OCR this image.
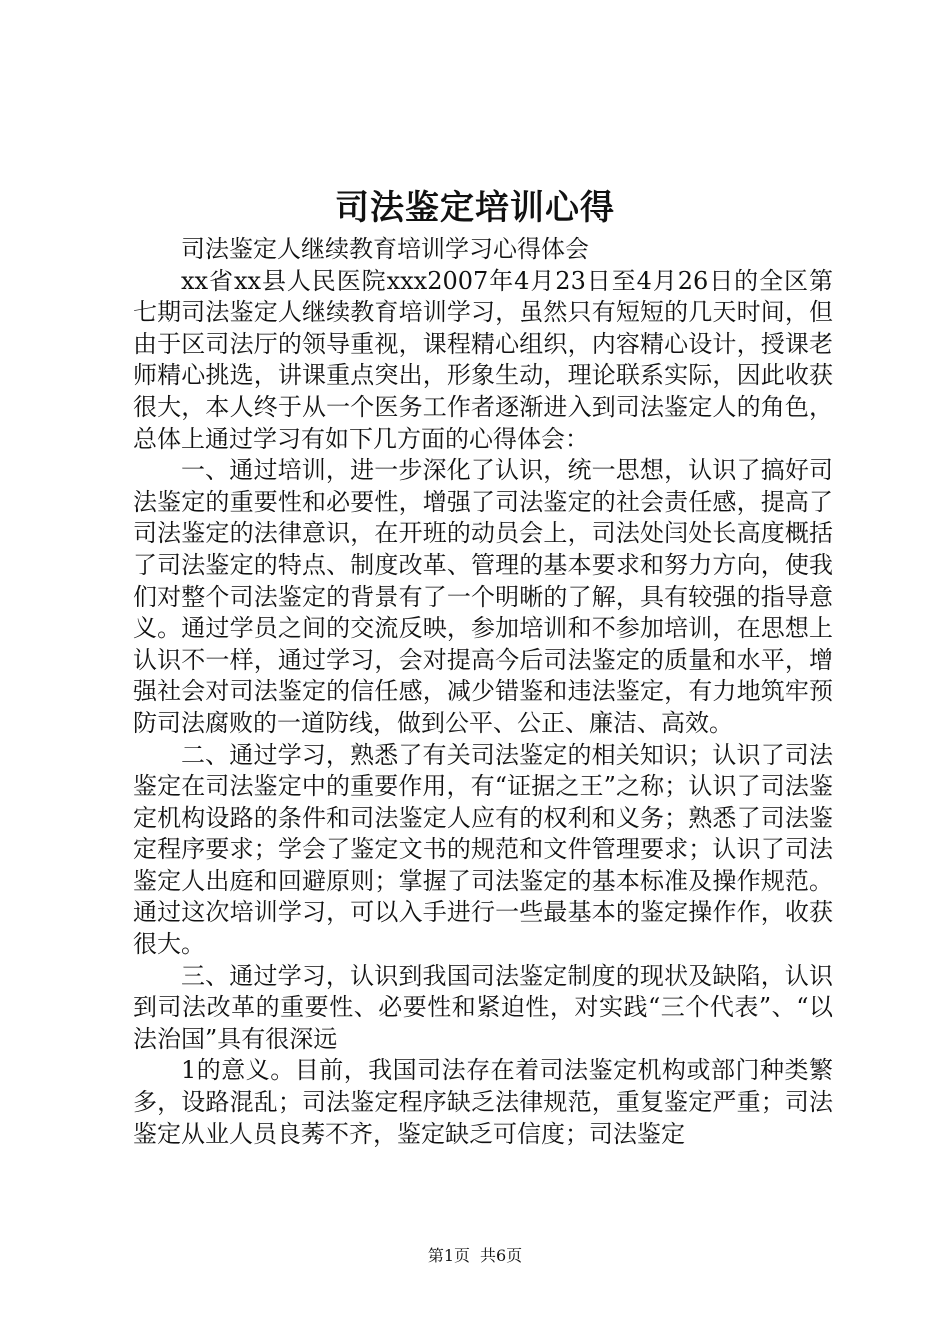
司法鉴定培训心得

司法鉴定人继续教育培训学习心得体会

xx省xx县人民医院xxx2007年4月23日至4月26日的全区第七期司法鉴定人继续教育培训学习，虽然只有短短的几天时间，但由于区司法厅的领导重视，课程精心组织，内容精心设计，授课老师精心挑选，讲课重点突出，形象生动，理论联系实际，因此收获很大，本人终于从一个医务工作者逐渐进入到司法鉴定人的角色，总体上通过学习有如下几方面的心得体会：

一、通过培训，进一步深化了认识，统一思想，认识了搞好司法鉴定的重要性和必要性，增强了司法鉴定的社会责任感，提高了司法鉴定的法律意识，在开班的动员会上，司法处闫处长高度概括了司法鉴定的特点、制度改革、管理的基本要求和努力方向，使我们对整个司法鉴定的背景有了一个明晰的了解，具有较强的指导意义。通过学员之间的交流反映，参加培训和不参加培训，在思想上认识不一样，通过学习，会对提高今后司法鉴定的质量和水平，增强社会对司法鉴定的信任感，减少错鉴和违法鉴定，有力地筑牢预防司法腐败的一道防线，做到公平、公正、廉洁、高效。

二、通过学习，熟悉了有关司法鉴定的相关知识；认识了司法鉴定在司法鉴定中的重要作用，有“证据之王”之称；认识了司法鉴定机构设路的条件和司法鉴定人应有的权利和义务；熟悉了司法鉴定程序要求；学会了鉴定文书的规范和文件管理要求；认识了司法鉴定人出庭和回避原则；掌握了司法鉴定的基本标准及操作规范。通过这次培训学习，可以入手进行一些最基本的鉴定操作作，收获很大。

三、通过学习，认识到我国司法鉴定制度的现状及缺陷，认识到司法改革的重要性、必要性和紧迫性，对实践“三个代表”、“以法治国”具有很深远

1的意义。目前，我国司法存在着司法鉴定机构或部门种类繁多，设路混乱；司法鉴定程序缺乏法律规范，重复鉴定严重；司法鉴定从业人员良莠不齐，鉴定缺乏可信度；司法鉴定

第1页 共6页
